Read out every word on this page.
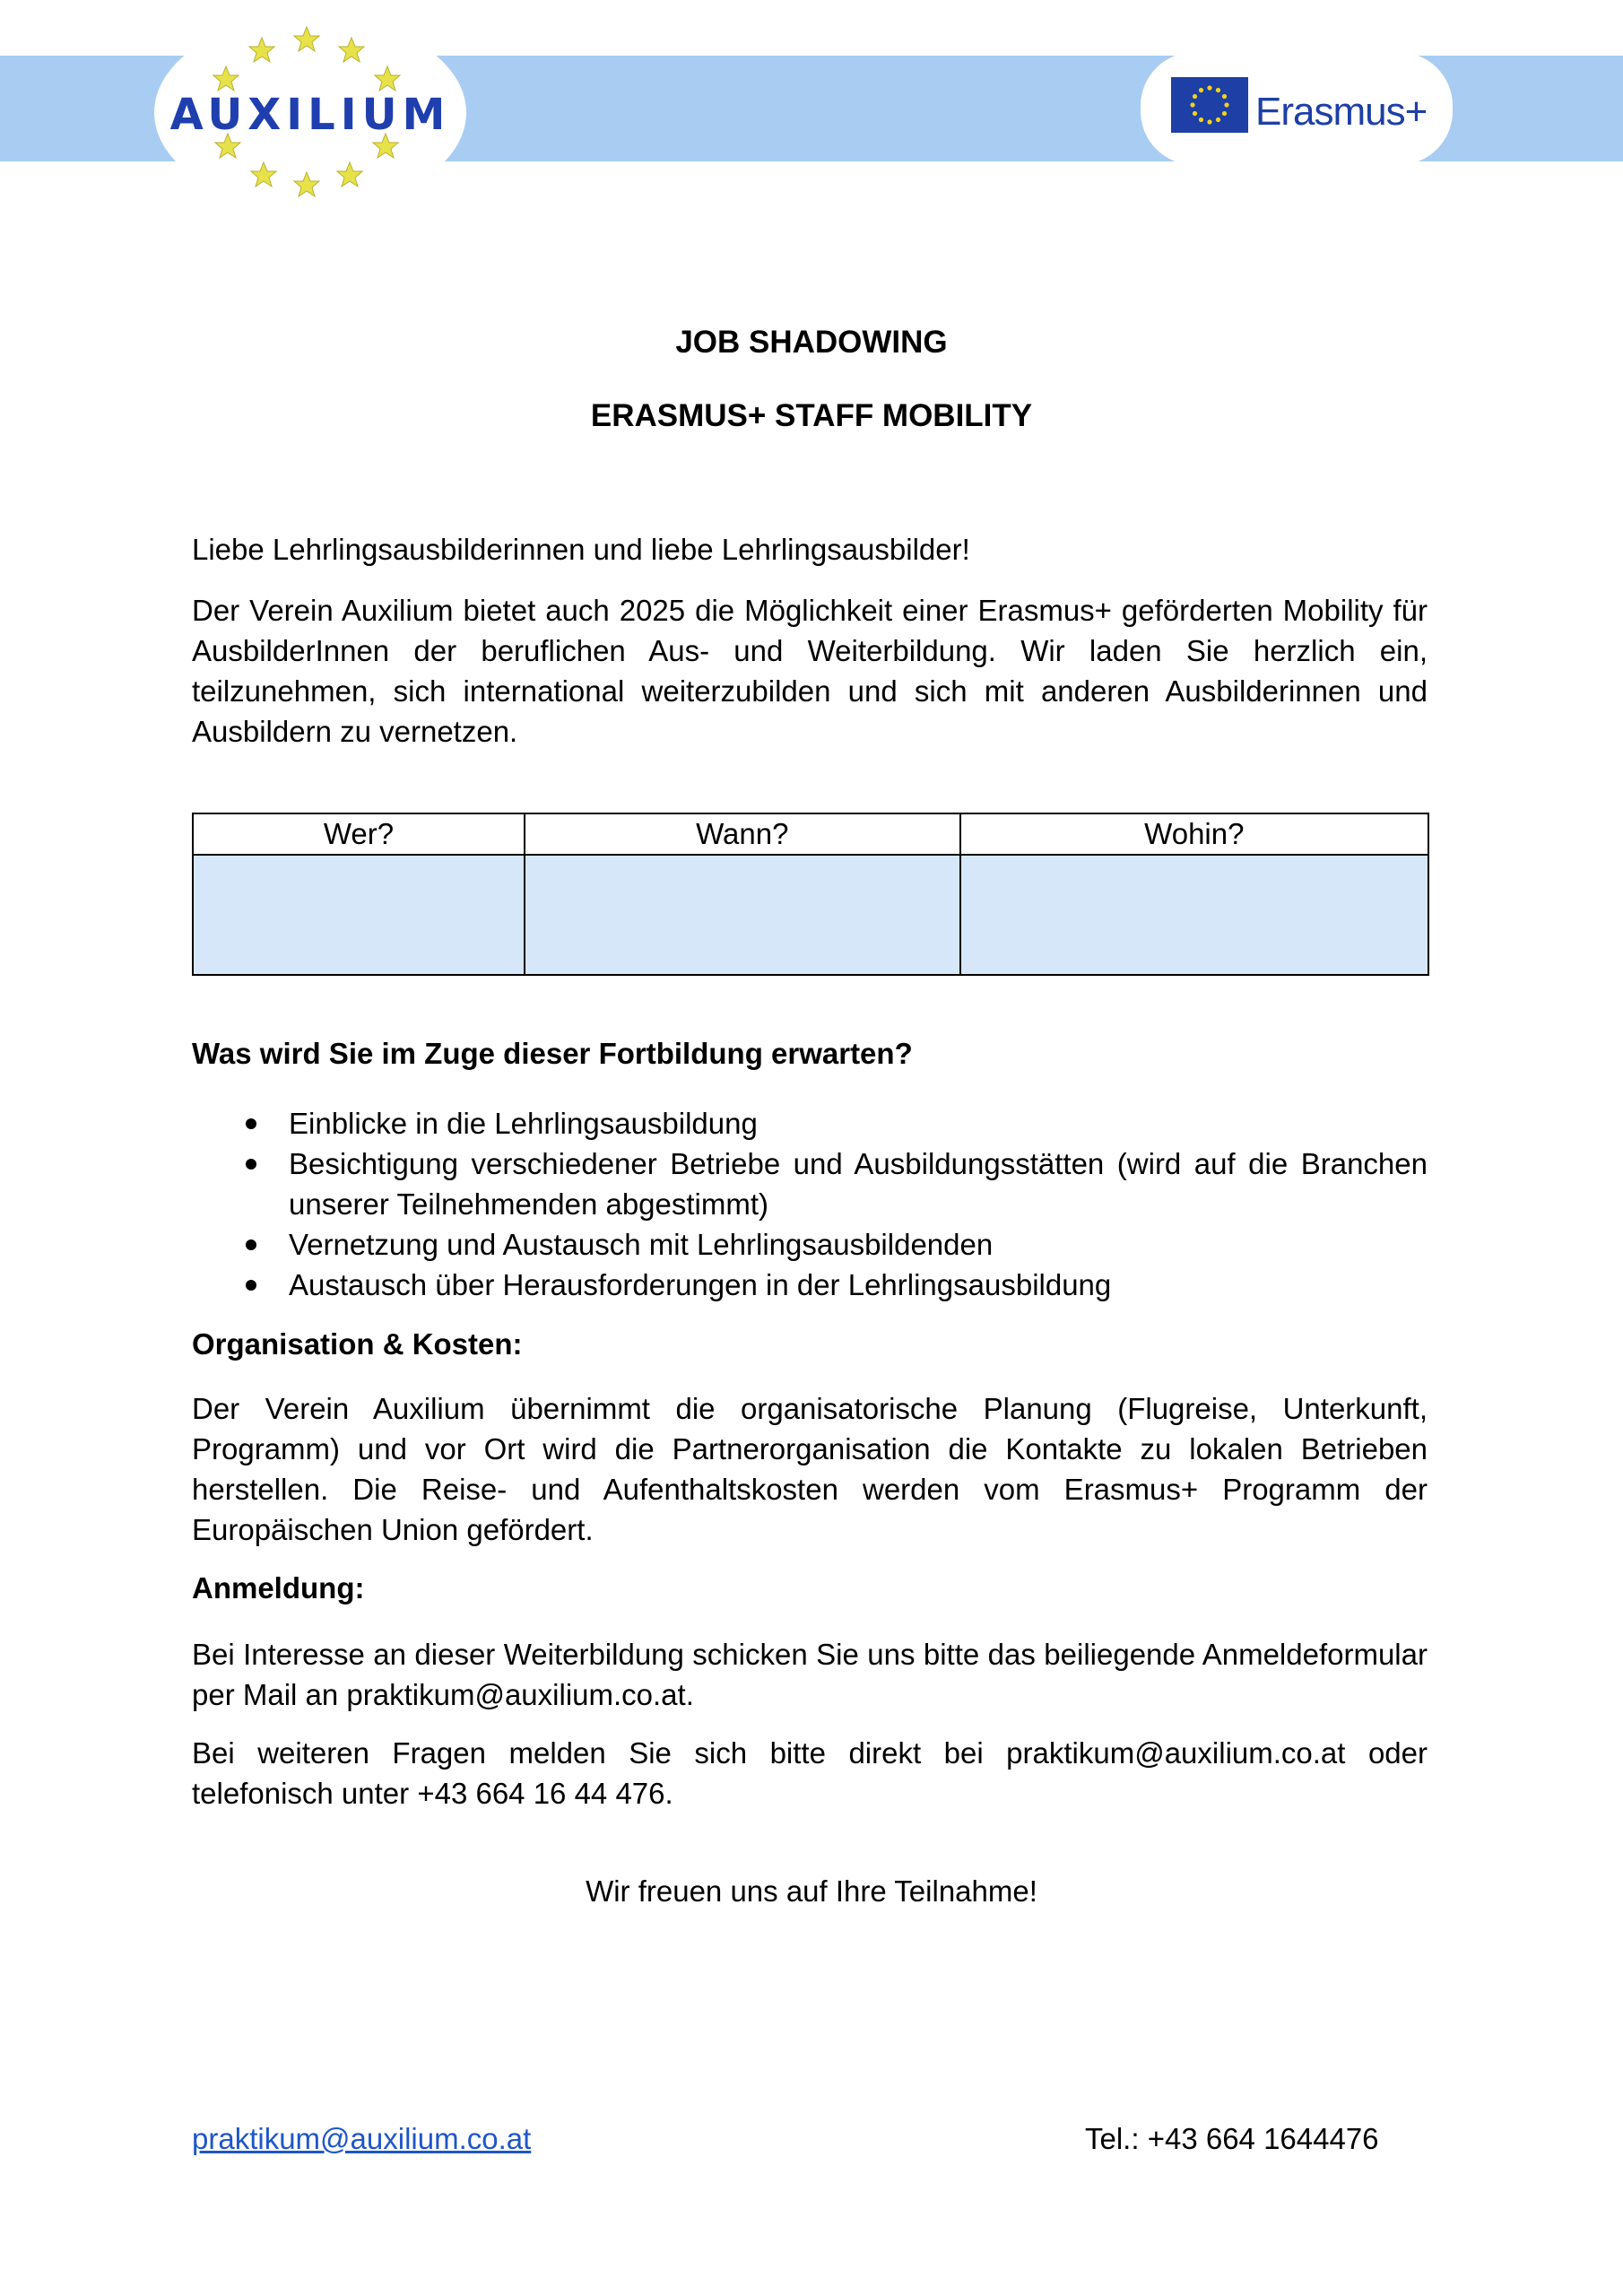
AUXILIUM	Erasmus+
JOB SHADOWING
ERASMUS+ STAFF MOBILITY
Liebe Lehrlingsausbilderinnen und liebe Lehrlingsausbilder!
Der Verein Auxilium bietet auch 2025 die Möglichkeit einer Erasmus+ geförderten Mobility für AusbilderInnen der beruflichen Aus- und Weiterbildung. Wir laden Sie herzlich ein, teilzunehmen, sich international weiterzubilden und sich mit anderen Ausbilderinnen und Ausbildern zu vernetzen.
Wer?	Wann?	Wohin?

Was wird Sie im Zuge dieser Fortbildung erwarten?
Einblicke in die Lehrlingsausbildung
Besichtigung verschiedener Betriebe und Ausbildungsstätten (wird auf die Branchen unserer Teilnehmenden abgestimmt)
Vernetzung und Austausch mit Lehrlingsausbildenden
Austausch über Herausforderungen in der Lehrlingsausbildung
Organisation & Kosten:
Der Verein Auxilium übernimmt die organisatorische Planung (Flugreise, Unterkunft, Programm) und vor Ort wird die Partnerorganisation die Kontakte zu lokalen Betrieben herstellen. Die Reise- und Aufenthaltskosten werden vom Erasmus+ Programm der Europäischen Union gefördert.
Anmeldung:
Bei Interesse an dieser Weiterbildung schicken Sie uns bitte das beiliegende Anmeldeformular per Mail an praktikum@auxilium.co.at.
Bei weiteren Fragen melden Sie sich bitte direkt bei praktikum@auxilium.co.at oder telefonisch unter +43 664 16 44 476.
Wir freuen uns auf Ihre Teilnahme!
praktikum@auxilium.co.at	Tel.: +43 664 1644476
